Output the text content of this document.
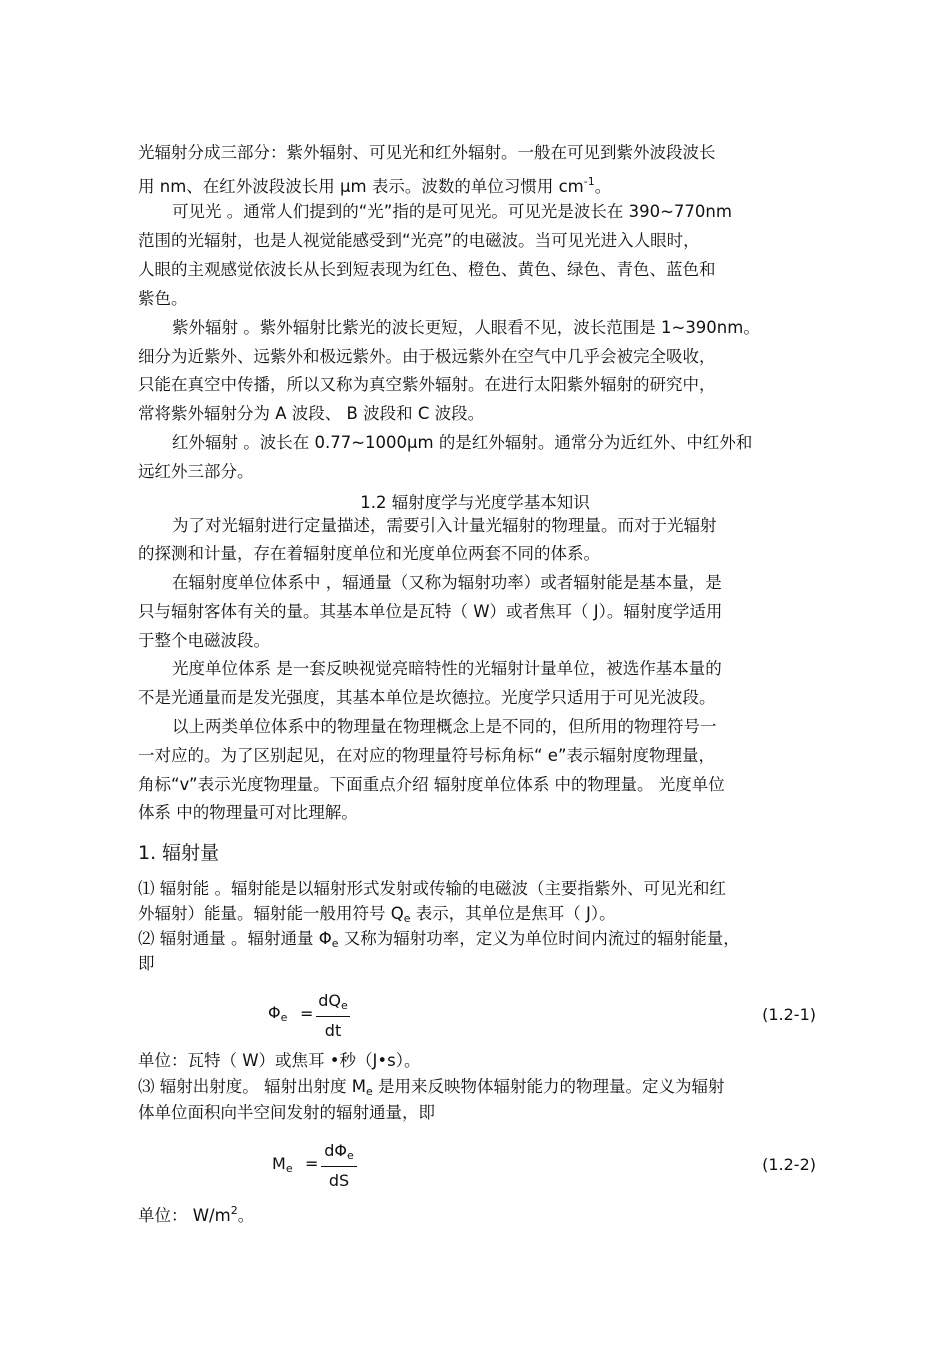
光辐射分成三部分：紫外辐射、可见光和红外辐射。一般在可见到紫外波段波长
用 nm、在红外波段波长用 μm 表示。波数的单位习惯用 $cm^{-1}$。
可见光 。通常人们提到的“光”指的是可见光。可见光是波长在 390~770nm
范围的光辐射，也是人视觉能感受到“光亮”的电磁波。当可见光进入人眼时，
人眼的主观感觉依波长从长到短表现为红色、橙色、黄色、绿色、青色、蓝色和
紫色。
紫外辐射 。紫外辐射比紫光的波长更短，人眼看不见，波长范围是 1~390nm。
细分为近紫外、远紫外和极远紫外。由于极远紫外在空气中几乎会被完全吸收，
只能在真空中传播，所以又称为真空紫外辐射。在进行太阳紫外辐射的研究中，
常将紫外辐射分为 A 波段、 B 波段和 C 波段。
红外辐射 。波长在 0.77~1000μm 的是红外辐射。通常分为近红外、中红外和
远红外三部分。
1.2 辐射度学与光度学基本知识
为了对光辐射进行定量描述，需要引入计量光辐射的物理量。而对于光辐射
的探测和计量，存在着辐射度单位和光度单位两套不同的体系。
在辐射度单位体系中 ，辐通量（又称为辐射功率）或者辐射能是基本量，是
只与辐射客体有关的量。其基本单位是瓦特（ W）或者焦耳（ J）。辐射度学适用
于整个电磁波段。
光度单位体系 是一套反映视觉亮暗特性的光辐射计量单位，被选作基本量的
不是光通量而是发光强度，其基本单位是坎德拉。光度学只适用于可见光波段。
以上两类单位体系中的物理量在物理概念上是不同的，但所用的物理符号一
一对应的。为了区别起见，在对应的物理量符号标角标“ e”表示辐射度物理量，
角标“v”表示光度物理量。下面重点介绍 辐射度单位体系 中的物理量。 光度单位
体系 中的物理量可对比理解。
1. 辐射量
⑴ 辐射能 。辐射能是以辐射形式发射或传输的电磁波（主要指紫外、可见光和红
外辐射）能量。辐射能一般用符号 $Q_e$ 表示，其单位是焦耳（ J）。
⑵ 辐射通量 。辐射通量 $\Phi_e$ 又称为辐射功率，定义为单位时间内流过的辐射能量，
即
$\Phi_e$ =
$dQ_e$
dt
(1.2-1)
单位：瓦特（ W）或焦耳 •秒（J•s）。
⑶ 辐射出射度。 辐射出射度 $M_e$ 是用来反映物体辐射能力的物理量。定义为辐射
体单位面积向半空间发射的辐射通量，即
$M_e$ =
$d\Phi_e$
dS
(1.2-2)
单位： $W/m^2$。
